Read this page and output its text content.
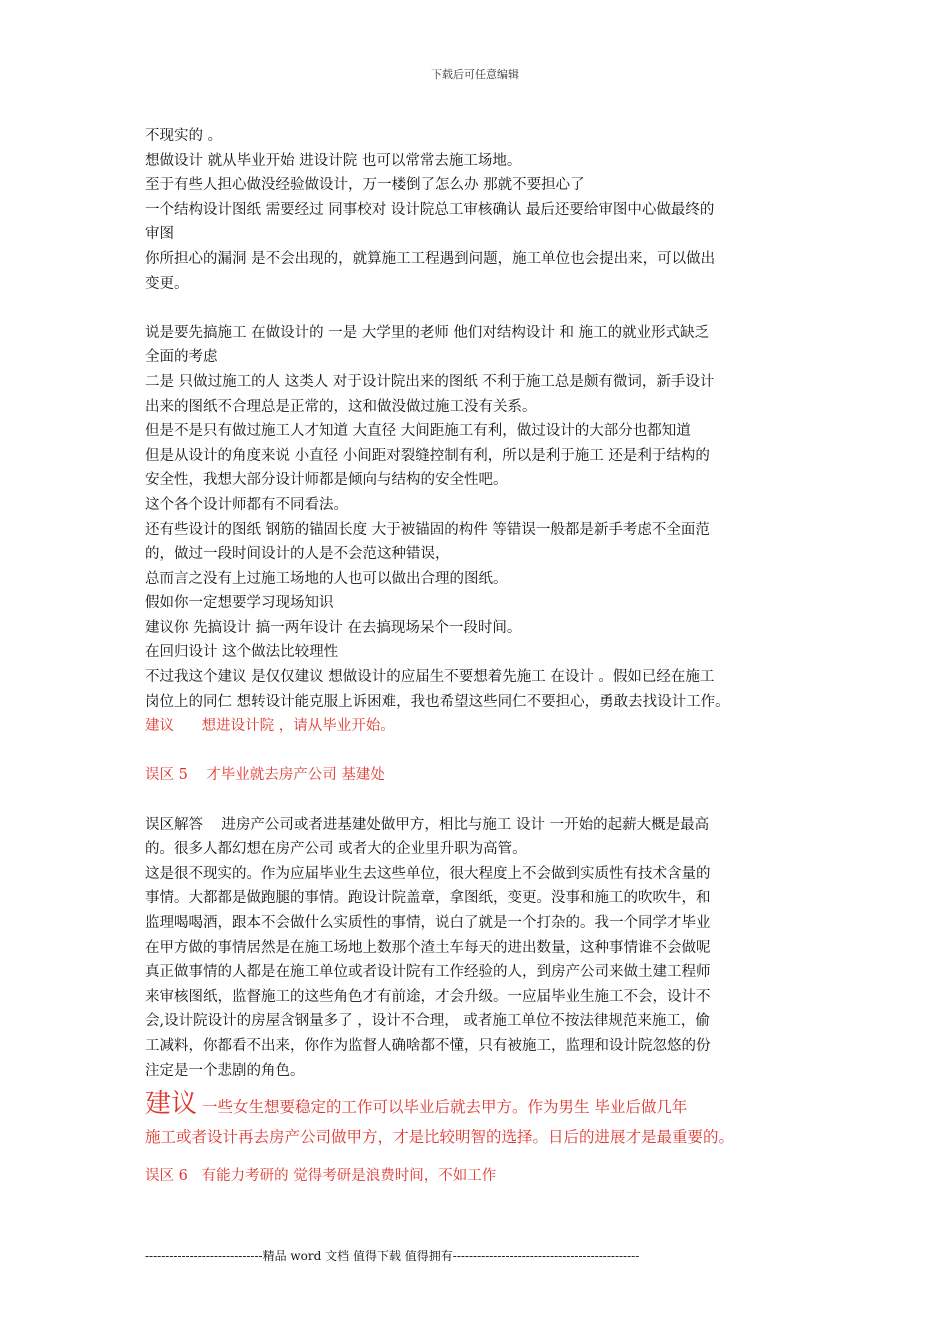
下载后可任意编辑
不现实的 。
想做设计 就从毕业开始 进设计院 也可以常常去施工场地。
至于有些人担心做没经验做设计，万一楼倒了怎么办 那就不要担心了
一个结构设计图纸 需要经过 同事校对 设计院总工审核确认 最后还要给审图中心做最终的
审图
你所担心的漏洞 是不会出现的，就算施工工程遇到问题，施工单位也会提出来，可以做出
变更。
说是要先搞施工 在做设计的 一是 大学里的老师 他们对结构设计 和 施工的就业形式缺乏
全面的考虑
二是 只做过施工的人 这类人 对于设计院出来的图纸 不利于施工总是颇有微词，新手设计
出来的图纸不合理总是正常的，这和做没做过施工没有关系。
但是不是只有做过施工人才知道 大直径 大间距施工有利，做过设计的大部分也都知道
但是从设计的角度来说 小直径 小间距对裂缝控制有利，所以是利于施工 还是利于结构的
安全性，我想大部分设计师都是倾向与结构的安全性吧。
这个各个设计师都有不同看法。
还有些设计的图纸 钢筋的锚固长度 大于被锚固的构件 等错误一般都是新手考虑不全面范
的，做过一段时间设计的人是不会范这种错误，
总而言之没有上过施工场地的人也可以做出合理的图纸。
假如你一定想要学习现场知识
建议你 先搞设计 搞一两年设计 在去搞现场呆个一段时间。
在回归设计 这个做法比较理性
不过我这个建议 是仅仅建议 想做设计的应届生不要想着先施工 在设计 。假如已经在施工
岗位上的同仁 想转设计能克服上诉困难，我也希望这些同仁不要担心，勇敢去找设计工作。
建议      想进设计院 ，请从毕业开始。
误区 5    才毕业就去房产公司 基建处
误区解答    进房产公司或者进基建处做甲方，相比与施工 设计 一开始的起薪大概是最高
的。很多人都幻想在房产公司 或者大的企业里升职为高管。
这是很不现实的。作为应届毕业生去这些单位，很大程度上不会做到实质性有技术含量的
事情。大都都是做跑腿的事情。跑设计院盖章，拿图纸，变更。没事和施工的吹吹牛，和
监理喝喝酒，跟本不会做什么实质性的事情，说白了就是一个打杂的。我一个同学才毕业
在甲方做的事情居然是在施工场地上数那个渣土车每天的进出数量，这种事情谁不会做呢
真正做事情的人都是在施工单位或者设计院有工作经验的人，到房产公司来做土建工程师
来审核图纸，监督施工的这些角色才有前途，才会升级。一应届毕业生施工不会，设计不
会,设计院设计的房屋含钢量多了 ，设计不合理， 或者施工单位不按法律规范来施工，偷
工减料，你都看不出来，你作为监督人确啥都不懂，只有被施工，监理和设计院忽悠的份
注定是一个悲剧的角色。
建议 一些女生想要稳定的工作可以毕业后就去甲方。作为男生 毕业后做几年
施工或者设计再去房产公司做甲方，才是比较明智的选择。日后的进展才是最重要的。
误区 6   有能力考研的 觉得考研是浪费时间，不如工作
-----------------------------精品 word 文档 值得下载 值得拥有----------------------------------------------
